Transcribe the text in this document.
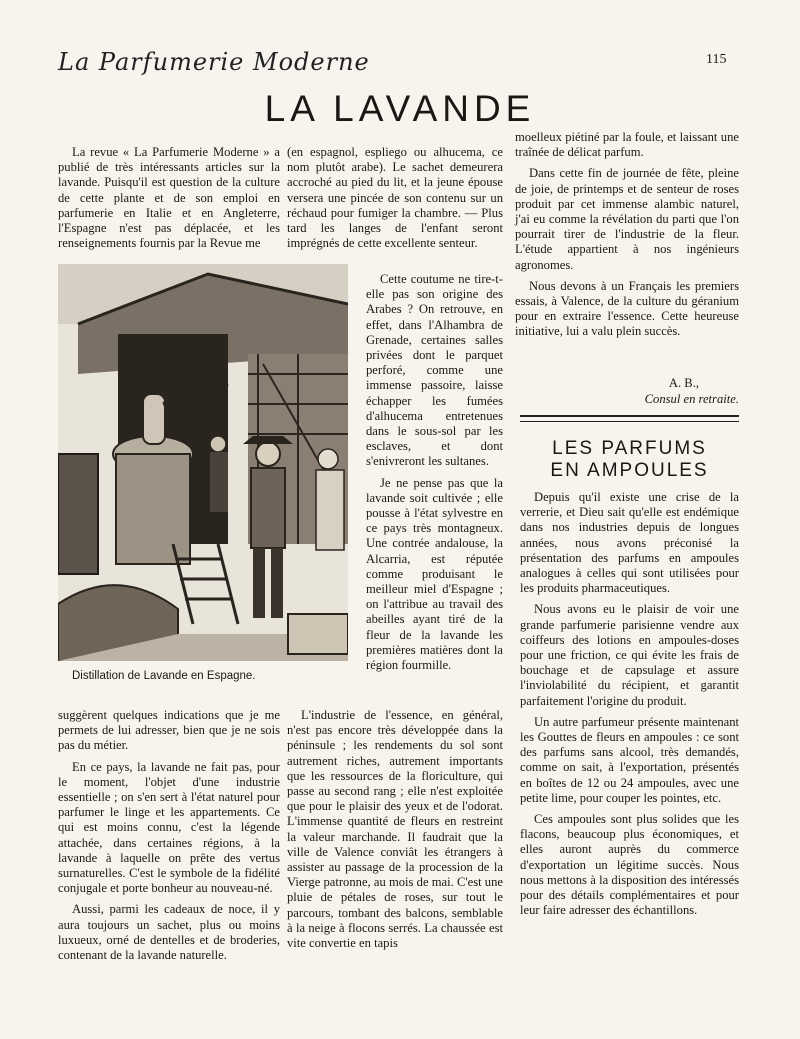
La Parfumerie Moderne	115
LA LAVANDE

La revue « La Parfumerie Moderne » a publié de très intéressants articles sur la lavande. Puisqu'il est question de la culture de cette plante et de son emploi en parfumerie en Italie et en Angleterre, l'Espagne n'est pas déplacée, et les renseignements fournis par la Revue me

Distillation de Lavande en Espagne.

(en espagnol, espliego ou alhucema, ce nom plutôt arabe). Le sachet demeurera accroché au pied du lit, et la jeune épouse versera une pincée de son contenu sur un réchaud pour fumiger la chambre. — Plus tard les langes de l'enfant seront imprégnés de cette excellente senteur.

Cette coutume ne tire-t-elle pas son origine des Arabes ? On retrouve, en effet, dans l'Alhambra de Grenade, certaines salles privées dont le parquet perforé, comme une immense passoire, laisse échapper les fumées d'alhucema entretenues dans le sous-sol par les esclaves, et dont s'enivreront les sultanes.

Je ne pense pas que la lavande soit cultivée ; elle pousse à l'état sylvestre en ce pays très montagneux. Une contrée andalouse, la Alcarria, est réputée comme produisant le meilleur miel d'Espagne ; on l'attribue au travail des abeilles ayant tiré de la fleur de la lavande les premières matières dont la région fourmille.

suggèrent quelques indications que je me permets de lui adresser, bien que je ne sois pas du métier.

En ce pays, la lavande ne fait pas, pour le moment, l'objet d'une industrie essentielle ; on s'en sert à l'état naturel pour parfumer le linge et les appartements. Ce qui est moins connu, c'est la légende attachée, dans certaines régions, à la lavande à laquelle on prête des vertus surnaturelles. C'est le symbole de la fidélité conjugale et porte bonheur au nouveau-né.

Aussi, parmi les cadeaux de noce, il y aura toujours un sachet, plus ou moins luxueux, orné de dentelles et de broderies, contenant de la lavande naturelle.

L'industrie de l'essence, en général, n'est pas encore très développée dans la péninsule ; les rendements du sol sont autrement riches, autrement importants que les ressources de la floriculture, qui passe au second rang ; elle n'est exploitée que pour le plaisir des yeux et de l'odorat. L'immense quantité de fleurs en restreint la valeur marchande. Il faudrait que la ville de Valence conviât les étrangers à assister au passage de la procession de la Vierge patronne, au mois de mai. C'est une pluie de pétales de roses, sur tout le parcours, tombant des balcons, semblable à la neige à flocons serrés. La chaussée est vite convertie en tapis

moelleux piétiné par la foule, et laissant une traînée de délicat parfum.

Dans cette fin de journée de fête, pleine de joie, de printemps et de senteur de roses produit par cet immense alambic naturel, j'ai eu comme la révélation du parti que l'on pourrait tirer de l'industrie de la fleur. L'étude appartient à nos ingénieurs agronomes.

Nous devons à un Français les premiers essais, à Valence, de la culture du géranium pour en extraire l'essence. Cette heureuse initiative, lui a valu plein succès.

A. B.,
Consul en retraite.
LES PARFUMS
EN AMPOULES

Depuis qu'il existe une crise de la verrerie, et Dieu sait qu'elle est endémique dans nos industries depuis de longues années, nous avons préconisé la présentation des parfums en ampoules analogues à celles qui sont utilisées pour les produits pharmaceutiques.

Nous avons eu le plaisir de voir une grande parfumerie parisienne vendre aux coiffeurs des lotions en ampoules-doses pour une friction, ce qui évite les frais de bouchage et de capsulage et assure l'inviolabilité du récipient, et garantit parfaitement l'origine du produit.

Un autre parfumeur présente maintenant les Gouttes de fleurs en ampoules : ce sont des parfums sans alcool, très demandés, comme on sait, à l'exportation, présentés en boîtes de 12 ou 24 ampoules, avec une petite lime, pour couper les pointes, etc.

Ces ampoules sont plus solides que les flacons, beaucoup plus économiques, et elles auront auprès du commerce d'exportation un légitime succès. Nous nous mettons à la disposition des intéressés pour des détails complémentaires et pour leur faire adresser des échantillons.
